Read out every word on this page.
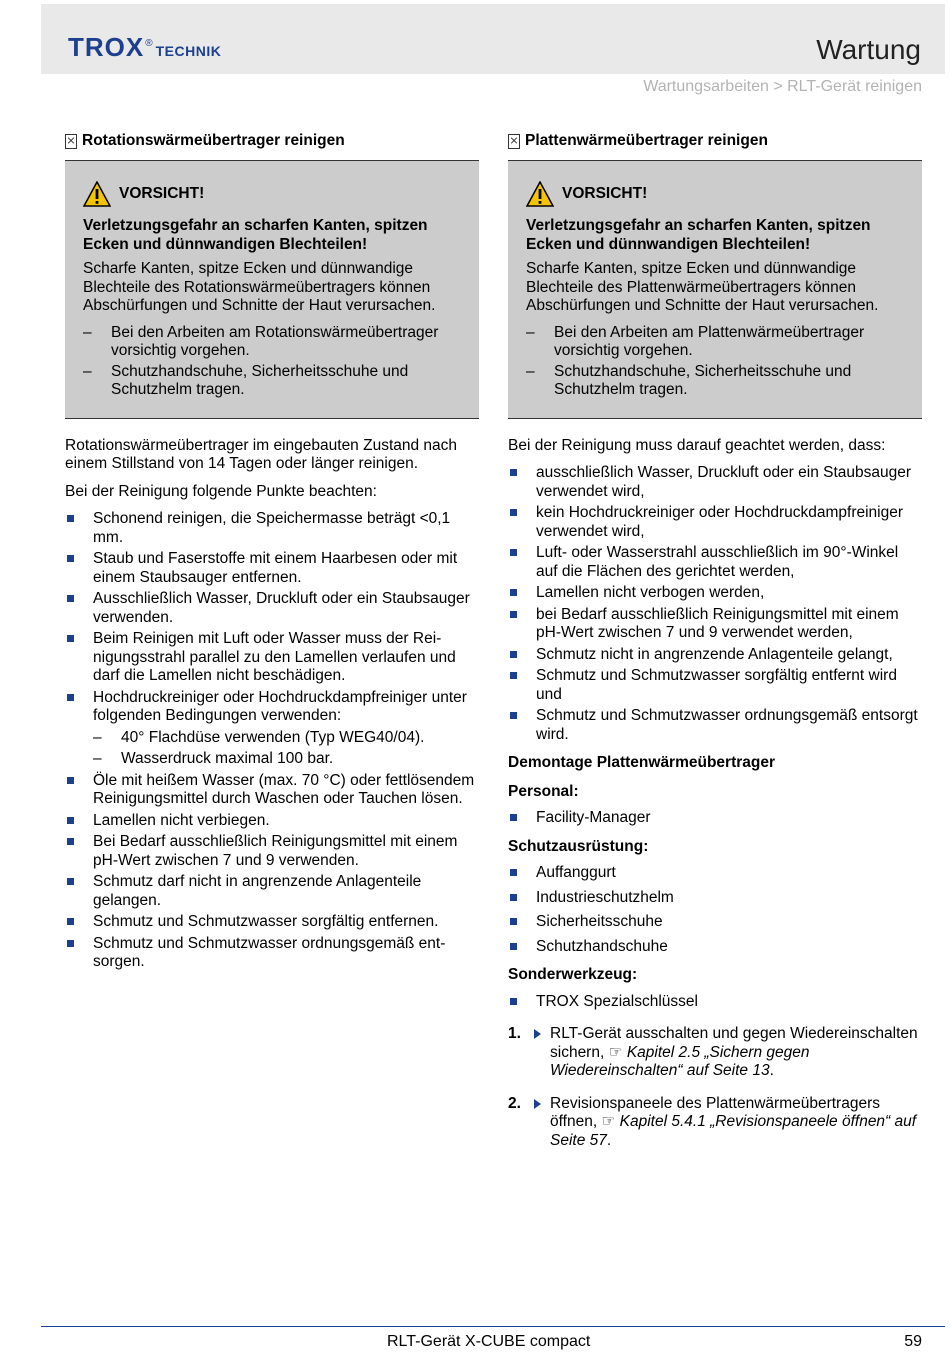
TROX ® TECHNIK	Wartung
Wartungsarbeiten > RLT-Gerät reinigen
Rotationswärmeübertrager reinigen
VORSICHT!
Verletzungsgefahr an scharfen Kanten, spitzen Ecken und dünnwandigen Blechteilen!
Scharfe Kanten, spitze Ecken und dünnwandige Blechteile des Rotationswärmeübertragers können Abschürfungen und Schnitte der Haut verursachen.
–	Bei den Arbeiten am Rotationswärmeübertrager vorsichtig vorgehen.
–	Schutzhandschuhe, Sicherheitsschuhe und Schutzhelm tragen.
Rotationswärmeübertrager im eingebauten Zustand nach einem Stillstand von 14 Tagen oder länger reinigen.
Bei der Reinigung folgende Punkte beachten:
Schonend reinigen, die Speichermasse beträgt <0,1 mm.
Staub und Faserstoffe mit einem Haarbesen oder mit einem Staubsauger entfernen.
Ausschließlich Wasser, Druckluft oder ein Staubsauger verwenden.
Beim Reinigen mit Luft oder Wasser muss der Reinigungsstrahl parallel zu den Lamellen verlaufen und darf die Lamellen nicht beschädigen.
Hochdruckreiniger oder Hochdruckdampfreiniger unter folgenden Bedingungen verwenden:
–	40° Flachdüse verwenden (Typ WEG40/04).
–	Wasserdruck maximal 100 bar.
Öle mit heißem Wasser (max. 70 °C) oder fettlösendem Reinigungsmittel durch Waschen oder Tauchen lösen.
Lamellen nicht verbiegen.
Bei Bedarf ausschließlich Reinigungsmittel mit einem pH-Wert zwischen 7 und 9 verwenden.
Schmutz darf nicht in angrenzende Anlagenteile gelangen.
Schmutz und Schmutzwasser sorgfältig entfernen.
Schmutz und Schmutzwasser ordnungsgemäß entsorgen.
Plattenwärmeübertrager reinigen
VORSICHT!
Verletzungsgefahr an scharfen Kanten, spitzen Ecken und dünnwandigen Blechteilen!
Scharfe Kanten, spitze Ecken und dünnwandige Blechteile des Plattenwärmeübertragers können Abschürfungen und Schnitte der Haut verursachen.
–	Bei den Arbeiten am Plattenwärmeübertrager vorsichtig vorgehen.
–	Schutzhandschuhe, Sicherheitsschuhe und Schutzhelm tragen.
Bei der Reinigung muss darauf geachtet werden, dass:
ausschließlich Wasser, Druckluft oder ein Staubsauger verwendet wird,
kein Hochdruckreiniger oder Hochdruckdampfreiniger verwendet wird,
Luft- oder Wasserstrahl ausschließlich im 90°-Winkel auf die Flächen des gerichtet werden,
Lamellen nicht verbogen werden,
bei Bedarf ausschließlich Reinigungsmittel mit einem pH-Wert zwischen 7 und 9 verwendet werden,
Schmutz nicht in angrenzende Anlagenteile gelangt,
Schmutz und Schmutzwasser sorgfältig entfernt wird und
Schmutz und Schmutzwasser ordnungsgemäß entsorgt wird.
Demontage Plattenwärmeübertrager
Personal:
Facility-Manager
Schutzausrüstung:
Auffanggurt
Industrieschutzhelm
Sicherheitsschuhe
Schutzhandschuhe
Sonderwerkzeug:
TROX Spezialschlüssel
1.	RLT-Gerät ausschalten und gegen Wiedereinschalten sichern, ☞ Kapitel 2.5 „Sichern gegen Wiedereinschalten“ auf Seite 13.
2.	Revisionspaneele des Plattenwärmeübertragers öffnen, ☞ Kapitel 5.4.1 „Revisionspaneele öffnen“ auf Seite 57.
RLT-Gerät X-CUBE compact	59
